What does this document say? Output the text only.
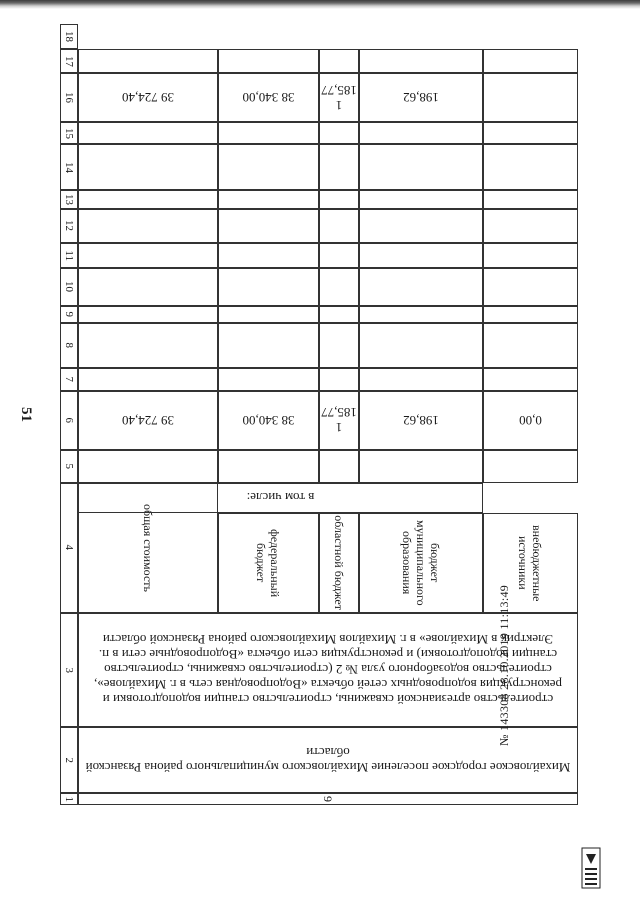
51
1
2
3
4
5
6
7
8
9
10
11
12
13
14
15
16
17
18
9
Михайловское городское поселение Михайловского муниципального района Рязанской области
строительство артезианской скважины, строительство станции водоподготовки и реконструкция водопроводных сетей объекта «Водопроводная сеть в г. Михайлове», строительство водозаборного узла № 2 (строительство скважины, строительство станции водоподготовки) и реконструкция сети объекта «Водопроводные сети в п. Электрик в Михайлове» в г. Михайлов Михайловского района Рязанской области
внебюджетные источники
бюджет муниципального образования
областной бюджет
федеральный бюджет
общая стоимость
в том числе:
0,00
198,62
1 185,77
38 340,00
39 724,40
198,62
1 185,77
38 340,00
39 724,40
№ 143308 28.10.2019 11:13:49
